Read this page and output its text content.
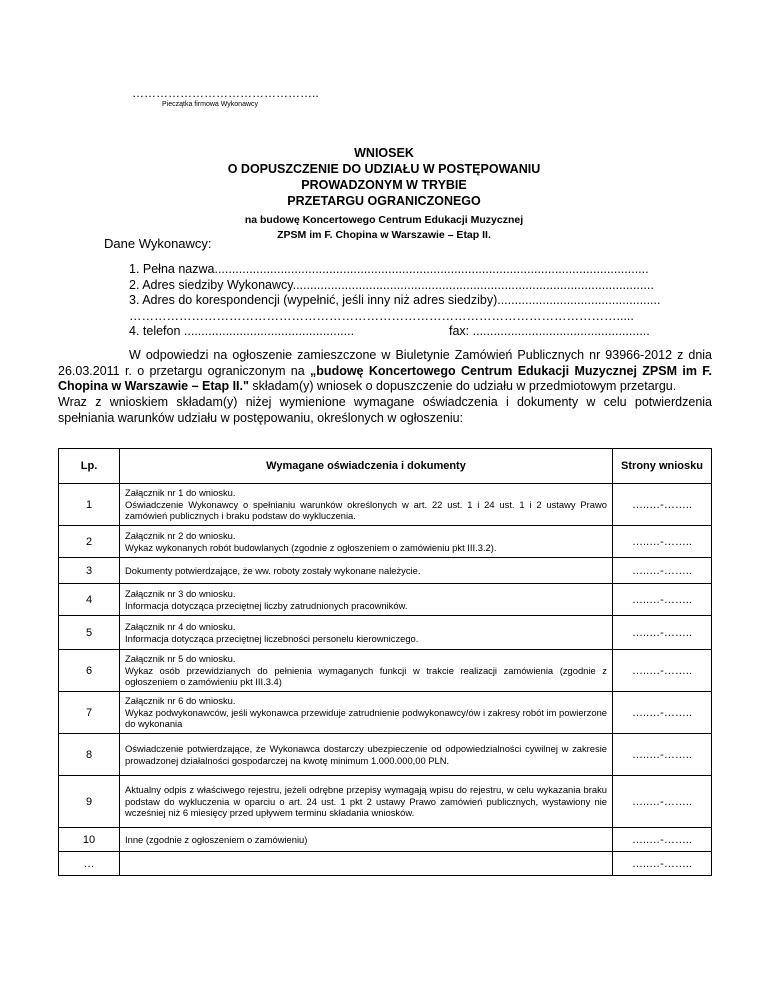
………………………………………..
Pieczątka firmowa Wykonawcy
WNIOSEK
O DOPUSZCZENIE DO UDZIAŁU W POSTĘPOWANIU
PROWADZONYM W TRYBIE
PRZETARGU OGRANICZONEGO
na budowę Koncertowego Centrum Edukacji Muzycznej
ZPSM im F. Chopina w Warszawie – Etap II.
Dane Wykonawcy:
1. Pełna nazwa.............................................................................................................................
2. Adres siedziby Wykonawcy........................................................................................................
3. Adres do korespondencji (wypełnić, jeśli inny niż adres siedziby)...............................................
……………………………………………………………………………………………………….....
4. telefon .................................................	fax: ...................................................

W odpowiedzi na ogłoszenie zamieszczone w Biuletynie Zamówień Publicznych nr 93966-2012 z dnia 26.03.2011 r. o przetargu ograniczonym na „budowę Koncertowego Centrum Edukacji Muzycznej ZPSM im F. Chopina w Warszawie – Etap II." składam(y) wniosek o dopuszczenie do udziału w przedmiotowym przetargu.

Wraz z wnioskiem składam(y) niżej wymienione wymagane oświadczenia i dokumenty w celu potwierdzenia spełniania warunków udziału w postępowaniu, określonych w ogłoszeniu:

Lp.	Wymagane oświadczenia i dokumenty	Strony wniosku
1	Załącznik nr 1 do wniosku.
Oświadczenie Wykonawcy o spełnianiu warunków określonych w art. 22 ust. 1 i 24 ust. 1 i 2 ustawy Prawo zamówień publicznych i braku podstaw do wykluczenia.	…..…-……..
2	Załącznik nr 2 do wniosku.
Wykaz wykonanych robót budowlanych (zgodnie z ogłoszeniem o zamówieniu pkt III.3.2).	…..…-……..
3	Dokumenty potwierdzające, że ww. roboty zostały wykonane należycie.	…..…-……..
4	Załącznik nr 3 do wniosku.
Informacja dotycząca przeciętnej liczby zatrudnionych pracowników.	…..…-……..
5	Załącznik nr 4 do wniosku.
Informacja dotycząca przeciętnej liczebności personelu kierowniczego.	…..…-……..
6	Załącznik nr 5 do wniosku.
Wykaz osób przewidzianych do pełnienia wymaganych funkcji w trakcie realizacji zamówienia (zgodnie z ogłoszeniem o zamówieniu pkt III.3.4)	…..…-……..
7	Załącznik nr 6 do wniosku.
Wykaz podwykonawców, jeśli wykonawca przewiduje zatrudnienie podwykonawcy/ów i zakresy robót im powierzone do wykonania	…..…-……..
8	Oświadczenie potwierdzające, że Wykonawca dostarczy ubezpieczenie od odpowiedzialności cywilnej w zakresie prowadzonej działalności gospodarczej na kwotę minimum 1.000.000,00 PLN.	…..…-……..
9	Aktualny odpis z właściwego rejestru, jeżeli odrębne przepisy wymagają wpisu do rejestru, w celu wykazania braku podstaw do wykluczenia w oparciu o art. 24 ust. 1 pkt 2 ustawy Prawo zamówień publicznych, wystawiony nie wcześniej niż 6 miesięcy przed upływem terminu składania wniosków.	…..…-……..
10	Inne (zgodnie z ogłoszeniem o zamówieniu)	…..…-……..
…		…..…-……..
